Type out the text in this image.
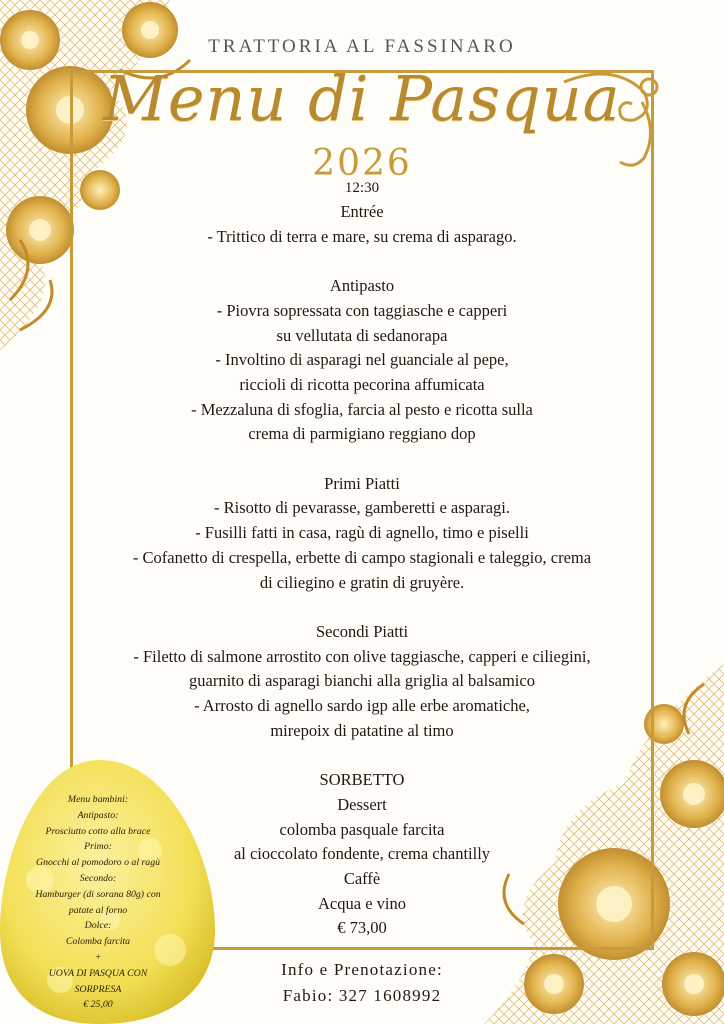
TRATTORIA AL FASSINARO
Menu di Pasqua
2026
12:30
Entrée
- Trittico di terra e mare, su crema di asparago.
Antipasto
- Piovra sopressata con taggiasche e capperi
su vellutata di sedanorapa
- Involtino di asparagi nel guanciale al pepe,
riccioli di ricotta pecorina affumicata
- Mezzaluna di sfoglia, farcia al pesto e ricotta sulla
crema di parmigiano reggiano dop
Primi Piatti
- Risotto di pevarasse, gamberetti e asparagi.
- Fusilli fatti in casa, ragù di agnello, timo e piselli
- Cofanetto di crespella, erbette di campo stagionali e taleggio, crema
di ciliegino e gratin di gruyère.
Secondi Piatti
- Filetto di salmone arrostito con olive taggiasche, capperi e ciliegini,
guarnito di asparagi bianchi alla griglia al balsamico
- Arrosto di agnello sardo igp alle erbe aromatiche,
mirepoix di patatine al timo
SORBETTO
Dessert
colomba pasquale farcita
al cioccolato fondente, crema chantilly
Caffè
Acqua e vino
€ 73,00
Menu bambini:
Antipasto:
Prosciutto cotto alla brace
Primo:
Gnocchi al pomodoro o al ragù
Secondo:
Hamburger (di sorana 80g) con
patate al forno
Dolce:
Colomba farcita
+
UOVA DI PASQUA CON
SORPRESA
€ 25,00
Info e Prenotazione:
Fabio: 327 1608992
